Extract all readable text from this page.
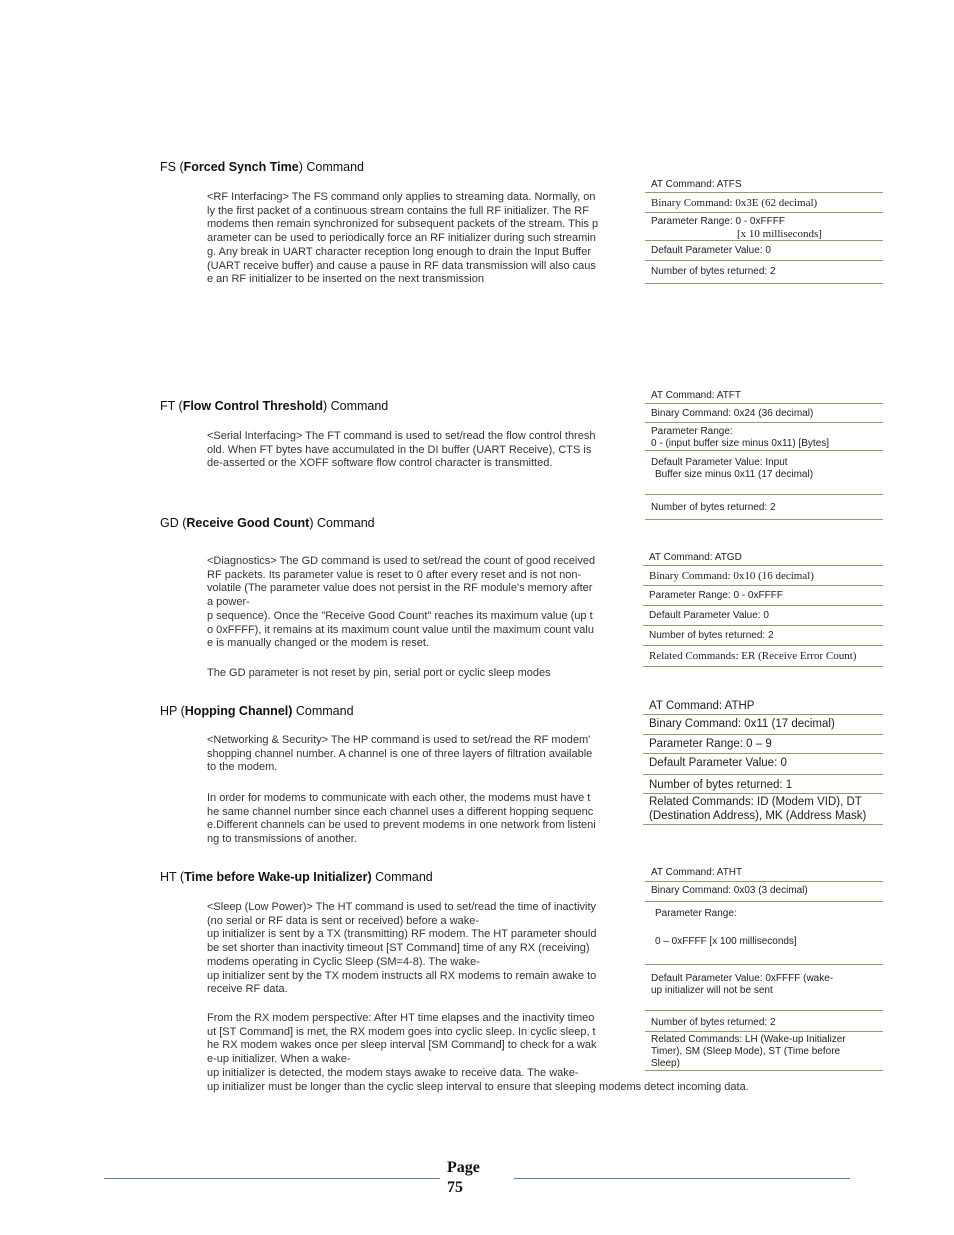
FS (Forced Synch Time) Command
<RF Interfacing> The FS command only applies to streaming data. Normally, on
ly the first packet of a continuous stream contains the full RF initializer. The RF
modems then remain synchronized for subsequent packets of the stream. This p
arameter can be used to periodically force an RF initializer during such streamin
g. Any break in UART character reception long enough to drain the Input Buffer
(UART receive buffer) and cause a pause in RF data transmission will also caus
e an RF initializer to be inserted on the next transmission
AT Command: ATFS
Binary Command: 0x3E (62 decimal)
Parameter Range: 0 - 0xFFFF
[x 10 milliseconds]
Default Parameter Value: 0
Number of bytes returned: 2
FT (Flow Control Threshold) Command
<Serial Interfacing> The FT command is used to set/read the flow control thresh
old. When FT bytes have accumulated in the DI buffer (UART Receive), CTS is
de-asserted or the XOFF software flow control character is transmitted.
AT Command: ATFT
Binary Command: 0x24 (36 decimal)
Parameter Range:
0 - (input buffer size minus 0x11) [Bytes]
Default Parameter Value: Input
Buffer size minus 0x11 (17 decimal)
Number of bytes returned: 2
GD (Receive Good Count) Command
<Diagnostics> The GD command is used to set/read the count of good received
RF packets. Its parameter value is reset to 0 after every reset and is not non-
volatile (The parameter value does not persist in the RF module's memory after
a power-
p sequence). Once the "Receive Good Count" reaches its maximum value (up t
o 0xFFFF), it remains at its maximum count value until the maximum count valu
e is manually changed or the modem is reset.
The GD parameter is not reset by pin, serial port or cyclic sleep modes
AT Command: ATGD
Binary Command: 0x10 (16 decimal)
Parameter Range: 0 - 0xFFFF
Default Parameter Value: 0
Number of bytes returned: 2
Related Commands: ER (Receive Error Count)
HP (Hopping Channel) Command
<Networking & Security> The HP command is used to set/read the RF modem'
shopping channel number. A channel is one of three layers of filtration available
to the modem.
In order for modems to communicate with each other, the modems must have t
he same channel number since each channel uses a different hopping sequenc
e.Different channels can be used to prevent modems in one network from listeni
ng to transmissions of another.
AT Command: ATHP
Binary Command: 0x11 (17 decimal)
Parameter Range: 0 – 9
Default Parameter Value: 0
Number of bytes returned: 1
Related Commands: ID (Modem VID), DT
(Destination Address), MK (Address Mask)
HT (Time before Wake-up Initializer) Command
<Sleep (Low Power)> The HT command is used to set/read the time of inactivity
(no serial or RF data is sent or received) before a wake-
up initializer is sent by a TX (transmitting) RF modem. The HT parameter should
be set shorter than inactivity timeout [ST Command] time of any RX (receiving)
modems operating in Cyclic Sleep (SM=4-8). The wake-
up initializer sent by the TX modem instructs all RX modems to remain awake to
receive RF data.
From the RX modem perspective: After HT time elapses and the inactivity timeo
ut [ST Command] is met, the RX modem goes into cyclic sleep. In cyclic sleep, t
he RX modem wakes once per sleep interval [SM Command] to check for a wak
e-up initializer. When a wake-
up initializer is detected, the modem stays awake to receive data. The wake-
up initializer must be longer than the cyclic sleep interval to ensure that sleeping modems detect incoming data.
AT Command: ATHT
Binary Command: 0x03 (3 decimal)
Parameter Range:
0 – 0xFFFF [x 100 milliseconds]
Default Parameter Value: 0xFFFF (wake-
up initializer will not be sent
Number of bytes returned: 2
Related Commands: LH (Wake-up Initializer
Timer), SM (Sleep Mode), ST (Time before
Sleep)
Page
75
